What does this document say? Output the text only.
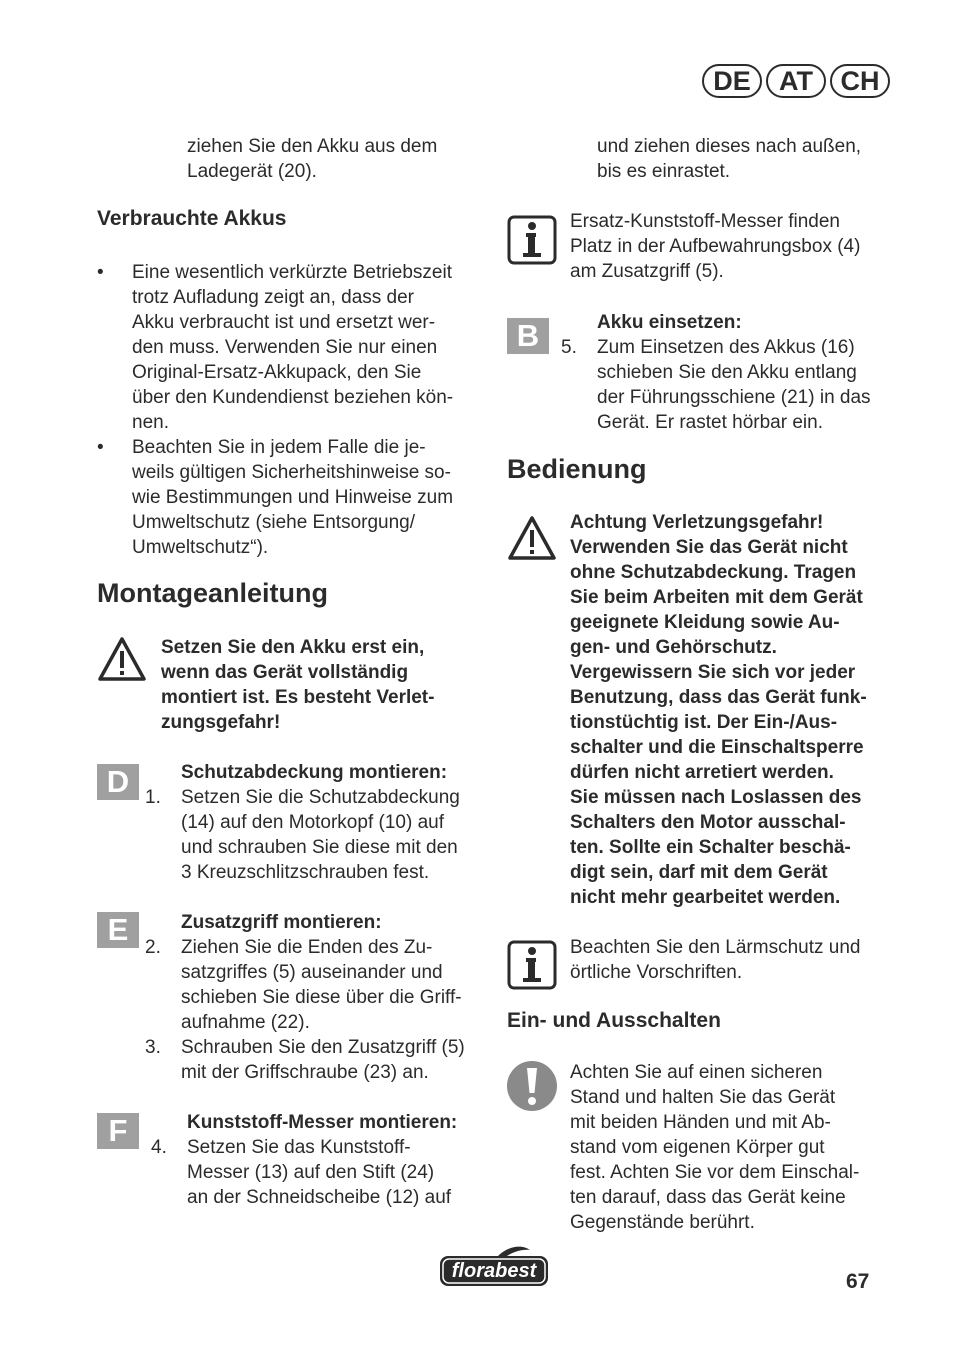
DE AT CH
ziehen Sie den Akku aus dem Ladegerät (20).
Verbrauchte Akkus
• Eine wesentlich verkürzte Betriebszeit
trotz Aufladung zeigt an, dass der
Akku verbraucht ist und ersetzt wer-
den muss. Verwenden Sie nur einen
Original-Ersatz-Akkupack, den Sie
über den Kundendienst beziehen kön-
nen.
• Beachten Sie in jedem Falle die je-
weils gültigen Sicherheitshinweise so-
wie Bestimmungen und Hinweise zum
Umweltschutz (siehe Entsorgung/
Umweltschutz“).
Montageanleitung
Setzen Sie den Akku erst ein,
wenn das Gerät vollständig
montiert ist. Es besteht Verlet-
zungsgefahr!
D	Schutzabdeckung montieren:
1. Setzen Sie die Schutzabdeckung
(14) auf den Motorkopf (10) auf
und schrauben Sie diese mit den
3 Kreuzschlitzschrauben fest.
E	Zusatzgriff montieren:
2. Ziehen Sie die Enden des Zu-
satzgriffes (5) auseinander und
schieben Sie diese über die Griff-
aufnahme (22).
3. Schrauben Sie den Zusatzgriff (5)
mit der Griffschraube (23) an.
F	Kunststoff-Messer montieren:
4. Setzen Sie das Kunststoff-
Messer (13) auf den Stift (24)
an der Schneidscheibe (12) auf
und ziehen dieses nach außen,
bis es einrastet.
Ersatz-Kunststoff-Messer finden
Platz in der Aufbewahrungsbox (4)
am Zusatzgriff (5).
B	Akku einsetzen:
5. Zum Einsetzen des Akkus (16)
schieben Sie den Akku entlang
der Führungsschiene (21) in das
Gerät. Er rastet hörbar ein.
Bedienung
Achtung Verletzungsgefahr!
Verwenden Sie das Gerät nicht
ohne Schutzabdeckung. Tragen
Sie beim Arbeiten mit dem Gerät
geeignete Kleidung sowie Au-
gen- und Gehörschutz.
Vergewissern Sie sich vor jeder
Benutzung, dass das Gerät funk-
tionstüchtig ist. Der Ein-/Aus-
schalter und die Einschaltsperre
dürfen nicht arretiert werden.
Sie müssen nach Loslassen des
Schalters den Motor ausschal-
ten. Sollte ein Schalter beschä-
digt sein, darf mit dem Gerät
nicht mehr gearbeitet werden.
Beachten Sie den Lärmschutz und
örtliche Vorschriften.
Ein- und Ausschalten
Achten Sie auf einen sicheren
Stand und halten Sie das Gerät
mit beiden Händen und mit Ab-
stand vom eigenen Körper gut
fest. Achten Sie vor dem Einschal-
ten darauf, dass das Gerät keine
Gegenstände berührt.
florabest	67
